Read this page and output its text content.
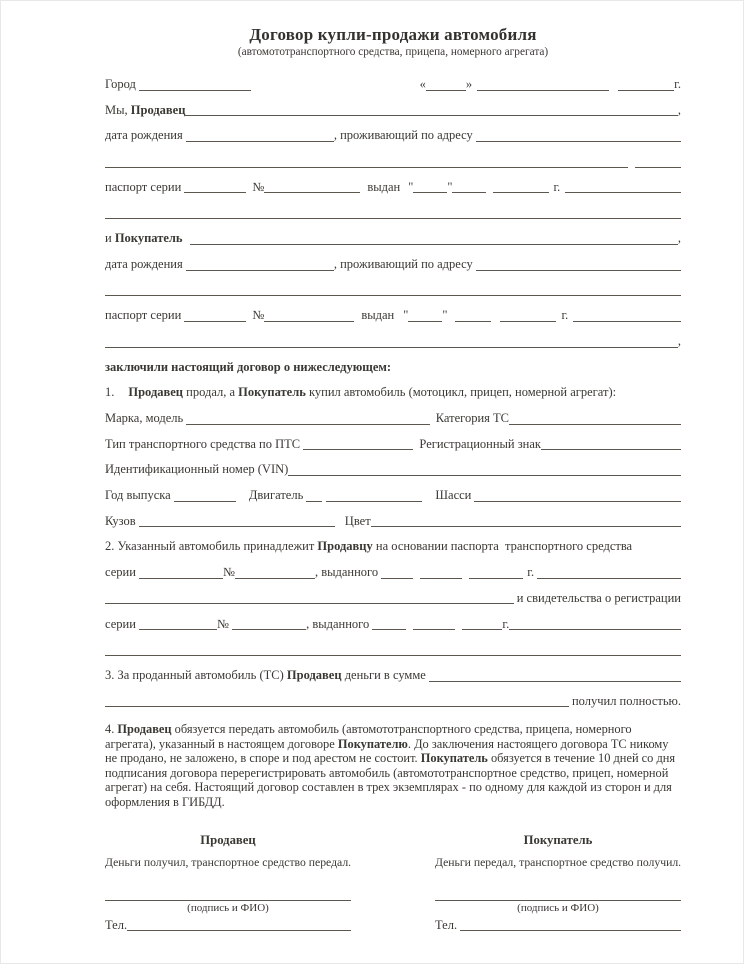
Договор купли-продажи автомобиля
(автомототранспортного средства, прицепа, номерного агрегата)
Город	«	»	г.
Мы, Продавец	,
дата рождения	, проживающий по адресу
паспорт серии	№	выдан "	"	г.
и Покупатель	,
дата рождения	, проживающий по адресу
паспорт серии	№	выдан "	"	г.
,
заключили настоящий договор о нижеследующем:
1. Продавец продал, а Покупатель купил автомобиль (мотоцикл, прицеп, номерной агрегат):
Марка, модель	Категория ТС
Тип транспортного средства по ПТС	Регистрационный знак
Идентификационный номер (VIN)
Год выпуска	Двигатель	Шасси
Кузов	Цвет
2. Указанный автомобиль принадлежит Продавцу на основании паспорта  транспортного средства
серии	№	, выданного	г.
и свидетельства о регистрации
серии	№	, выданного	г.
3. За проданный автомобиль (ТС) Продавец деньги в сумме
получил полностью.

4. Продавец обязуется передать автомобиль (автомототранспортного средства, прицепа, номерного агрегата), указанный в настоящем договоре Покупателю. До заключения настоящего договора ТС никому не продано, не заложено, в споре и под арестом не состоит. Покупатель обязуется в течение 10 дней со дня подписания договора перерегистрировать автомобиль (автомототранспортное средство, прицеп, номерной агрегат) на себя. Настоящий договор составлен в трех экземплярах - по одному для каждой из сторон и для оформления в ГИБДД.

Продавец
Деньги получил, транспортное средство передал.
(подпись и ФИО)
Тел.
Покупатель
Деньги передал, транспортное средство получил.
(подпись и ФИО)
Тел.
